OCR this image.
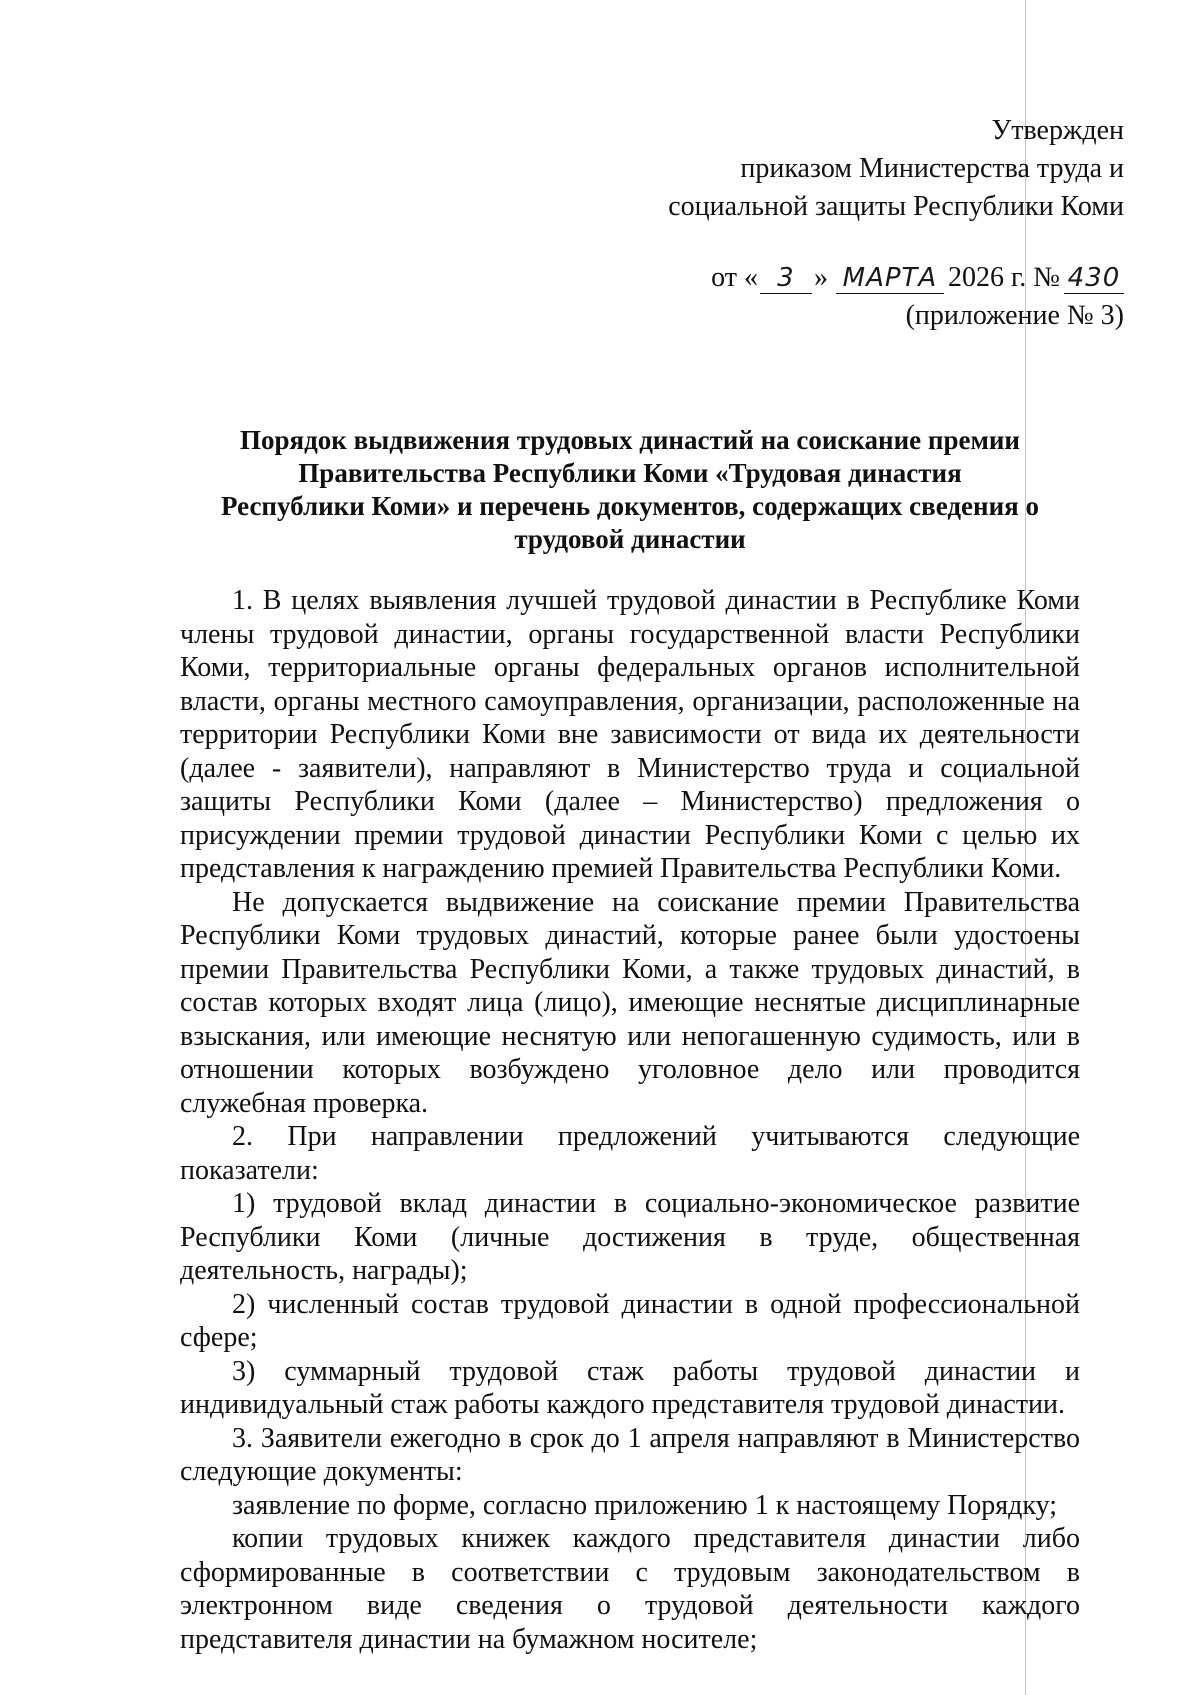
Утвержден
приказом Министерства труда и
социальной защиты Республики Коми
от « 3 » МАРТА 2026 г. № 430
(приложение № 3)
Порядок выдвижения трудовых династий на соискание премии
Правительства Республики Коми «Трудовая династия
Республики Коми» и перечень документов, содержащих сведения о
трудовой династии

1. В целях выявления лучшей трудовой династии в Республике Коми члены трудовой династии, органы государственной власти Республики Коми, территориальные органы федеральных органов исполнительной власти, органы местного самоуправления, организации, расположенные на территории Республики Коми вне зависимости от вида их деятельности (далее - заявители), направляют в Министерство труда и социальной защиты Республики Коми (далее – Министерство) предложения о присуждении премии трудовой династии Республики Коми с целью их представления к награждению премией Правительства Республики Коми.

Не допускается выдвижение на соискание премии Правительства Республики Коми трудовых династий, которые ранее были удостоены премии Правительства Республики Коми, а также трудовых династий, в состав которых входят лица (лицо), имеющие неснятые дисциплинарные взыскания, или имеющие неснятую или непогашенную судимость, или в отношении которых возбуждено уголовное дело или проводится служебная проверка.

2. При направлении предложений учитываются следующие показатели:

1) трудовой вклад династии в социально-экономическое развитие Республики Коми (личные достижения в труде, общественная деятельность, награды);

2) численный состав трудовой династии в одной профессиональной сфере;

3) суммарный трудовой стаж работы трудовой династии и индивидуальный стаж работы каждого представителя трудовой династии.

3. Заявители ежегодно в срок до 1 апреля направляют в Министерство следующие документы:

заявление по форме, согласно приложению 1 к настоящему Порядку;

копии трудовых книжек каждого представителя династии либо сформированные в соответствии с трудовым законодательством в электронном виде сведения о трудовой деятельности каждого представителя династии на бумажном носителе;
